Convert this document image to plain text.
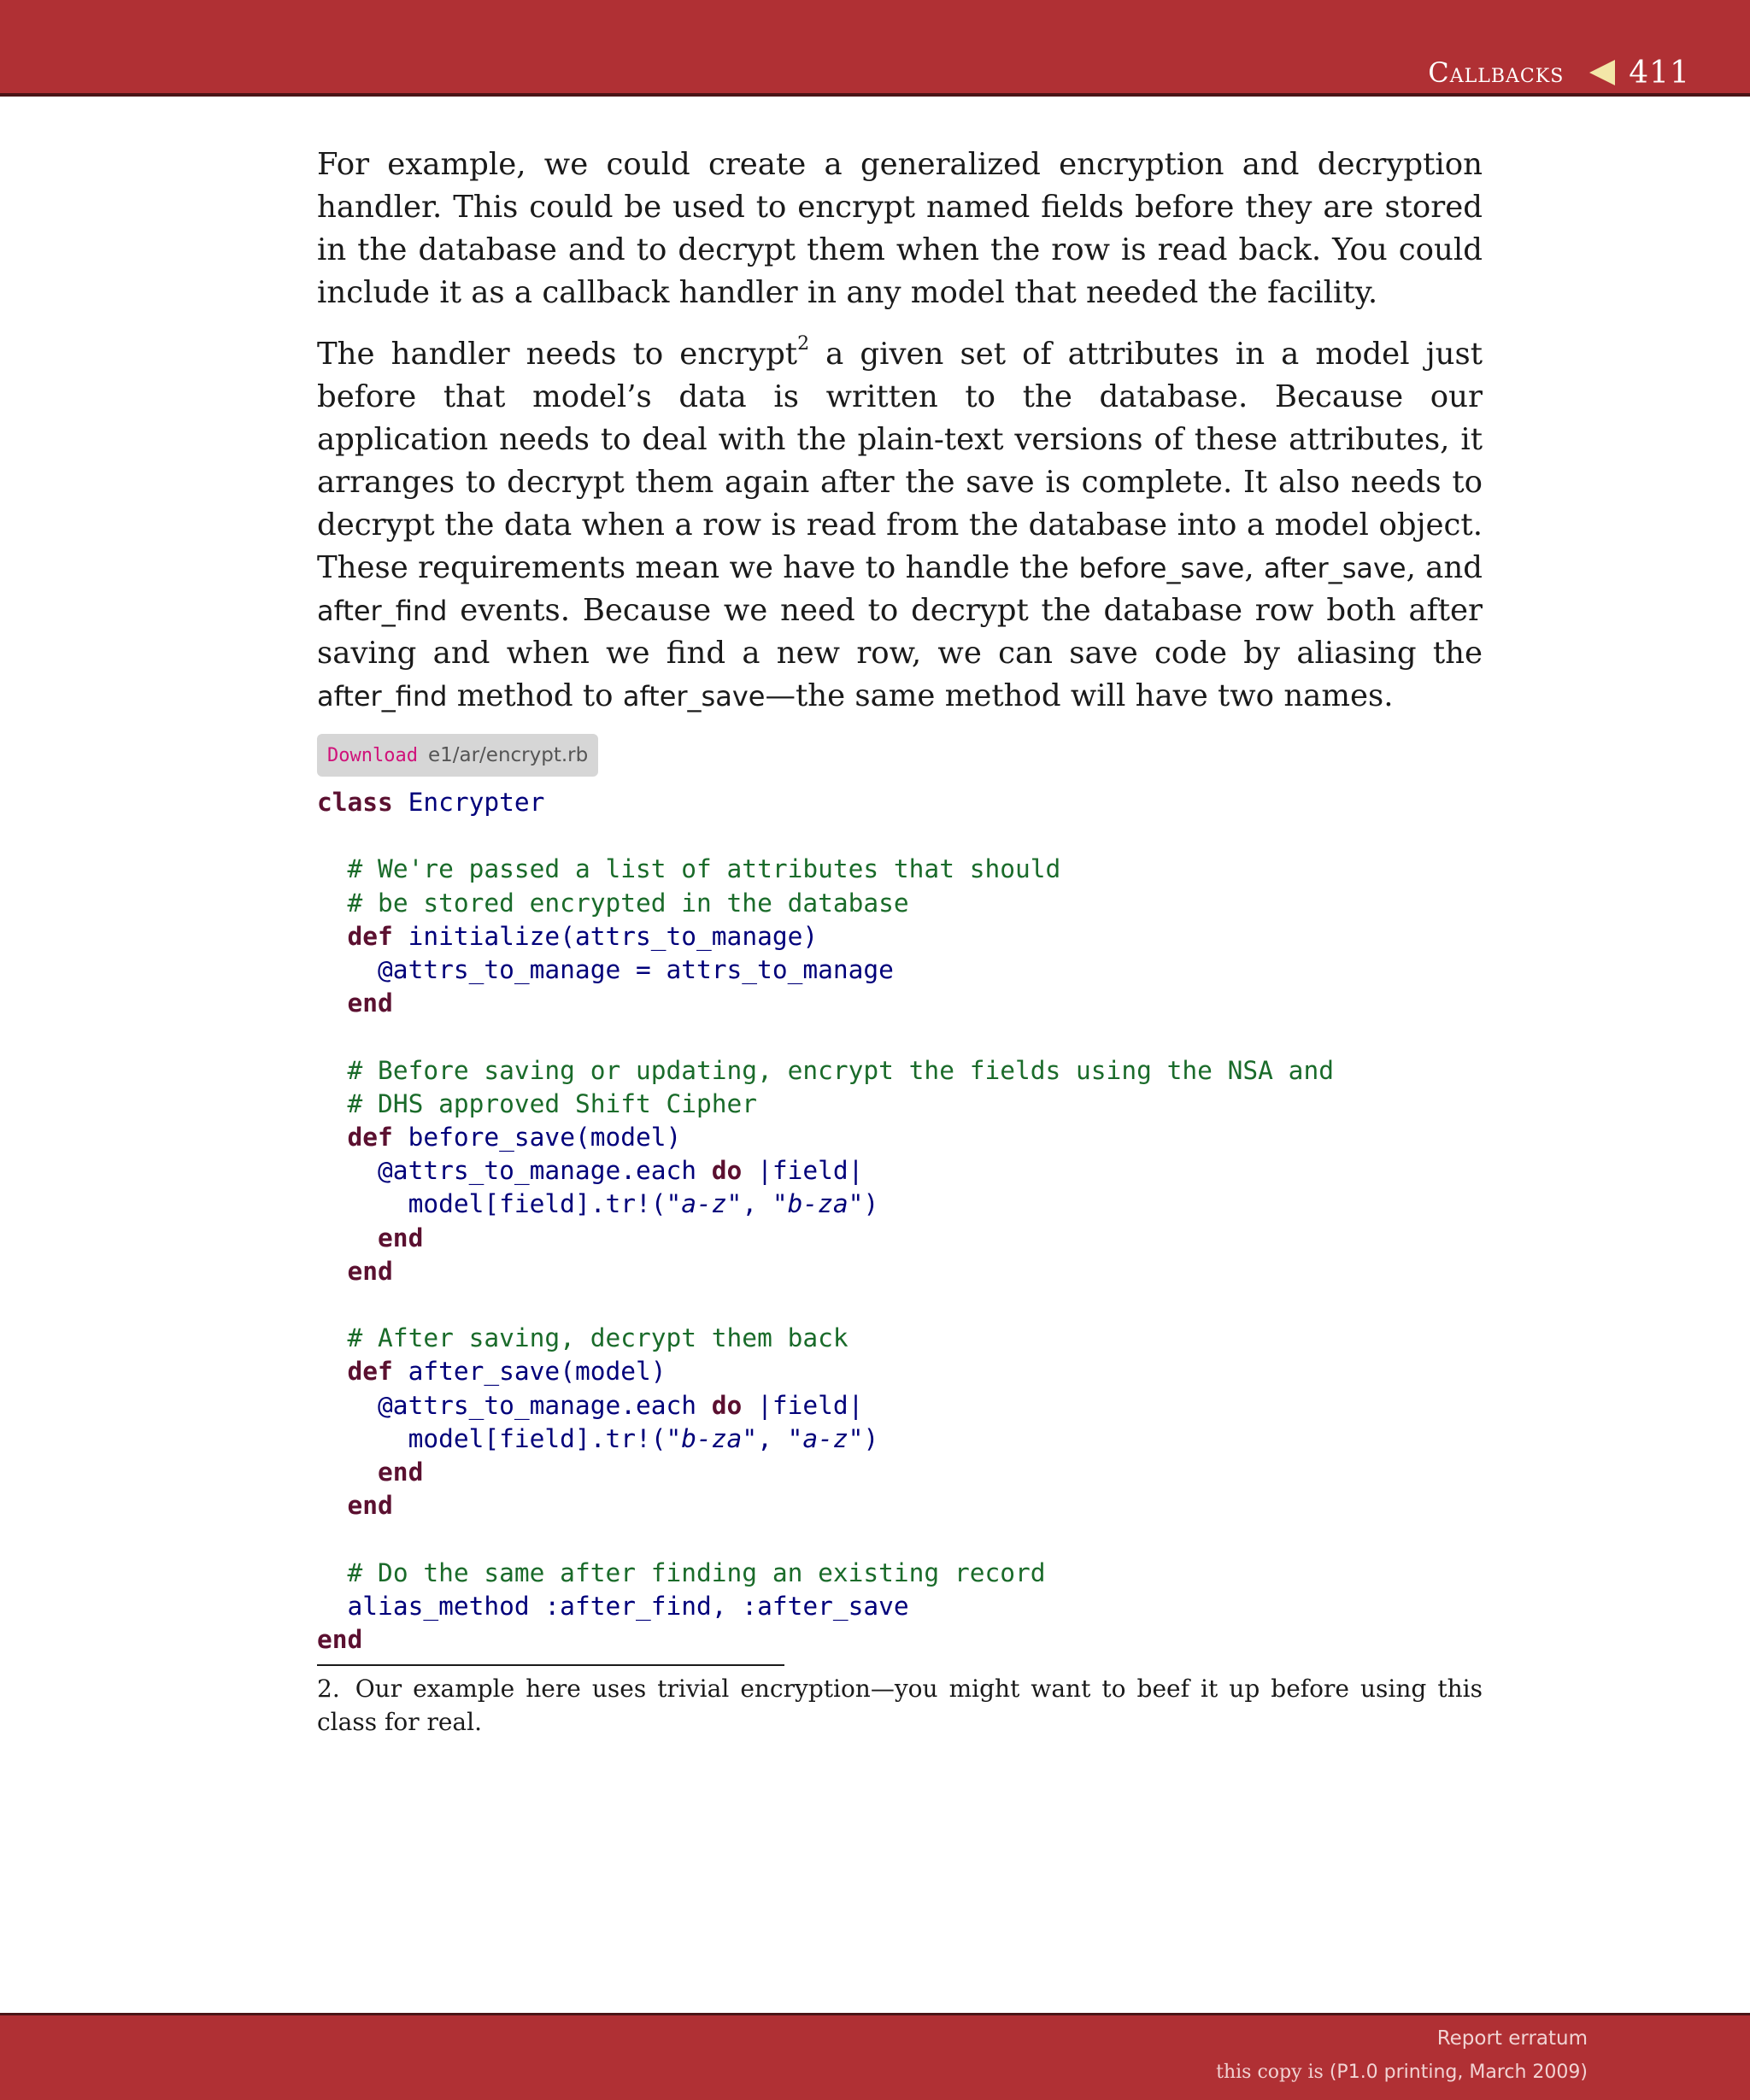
Callbacks 411

For example, we could create a generalized encryption and decryption handler. This could be used to encrypt named fields before they are stored in the database and to decrypt them when the row is read back. You could include it as a callback handler in any model that needed the facility.

The handler needs to encrypt$^2$ a given set of attributes in a model just before that model’s data is written to the database. Because our application needs to deal with the plain-text versions of these attributes, it arranges to decrypt them again after the save is complete. It also needs to decrypt the data when a row is read from the database into a model object. These requirements mean we have to handle the before_save, after_save, and after_find events. Because we need to decrypt the database row both after saving and when we find a new row, we can save code by aliasing the after_find method to after_save—the same method will have two names.

Download e1/ar/encrypt.rb
class Encrypter

# We're passed a list of attributes that should
# be stored encrypted in the database
def initialize(attrs_to_manage)
@attrs_to_manage = attrs_to_manage
end

# Before saving or updating, encrypt the fields using the NSA and
# DHS approved Shift Cipher
def before_save(model)
@attrs_to_manage.each do |field|
model[field].tr!("a-z", "b-za")
end
end

# After saving, decrypt them back
def after_save(model)
@attrs_to_manage.each do |field|
model[field].tr!("b-za", "a-z")
end
end

# Do the same after finding an existing record
alias_method :after_find, :after_save
end

2. Our example here uses trivial encryption—you might want to beef it up before using this class for real.

Report erratum
this copy is (P1.0 printing, March 2009)
